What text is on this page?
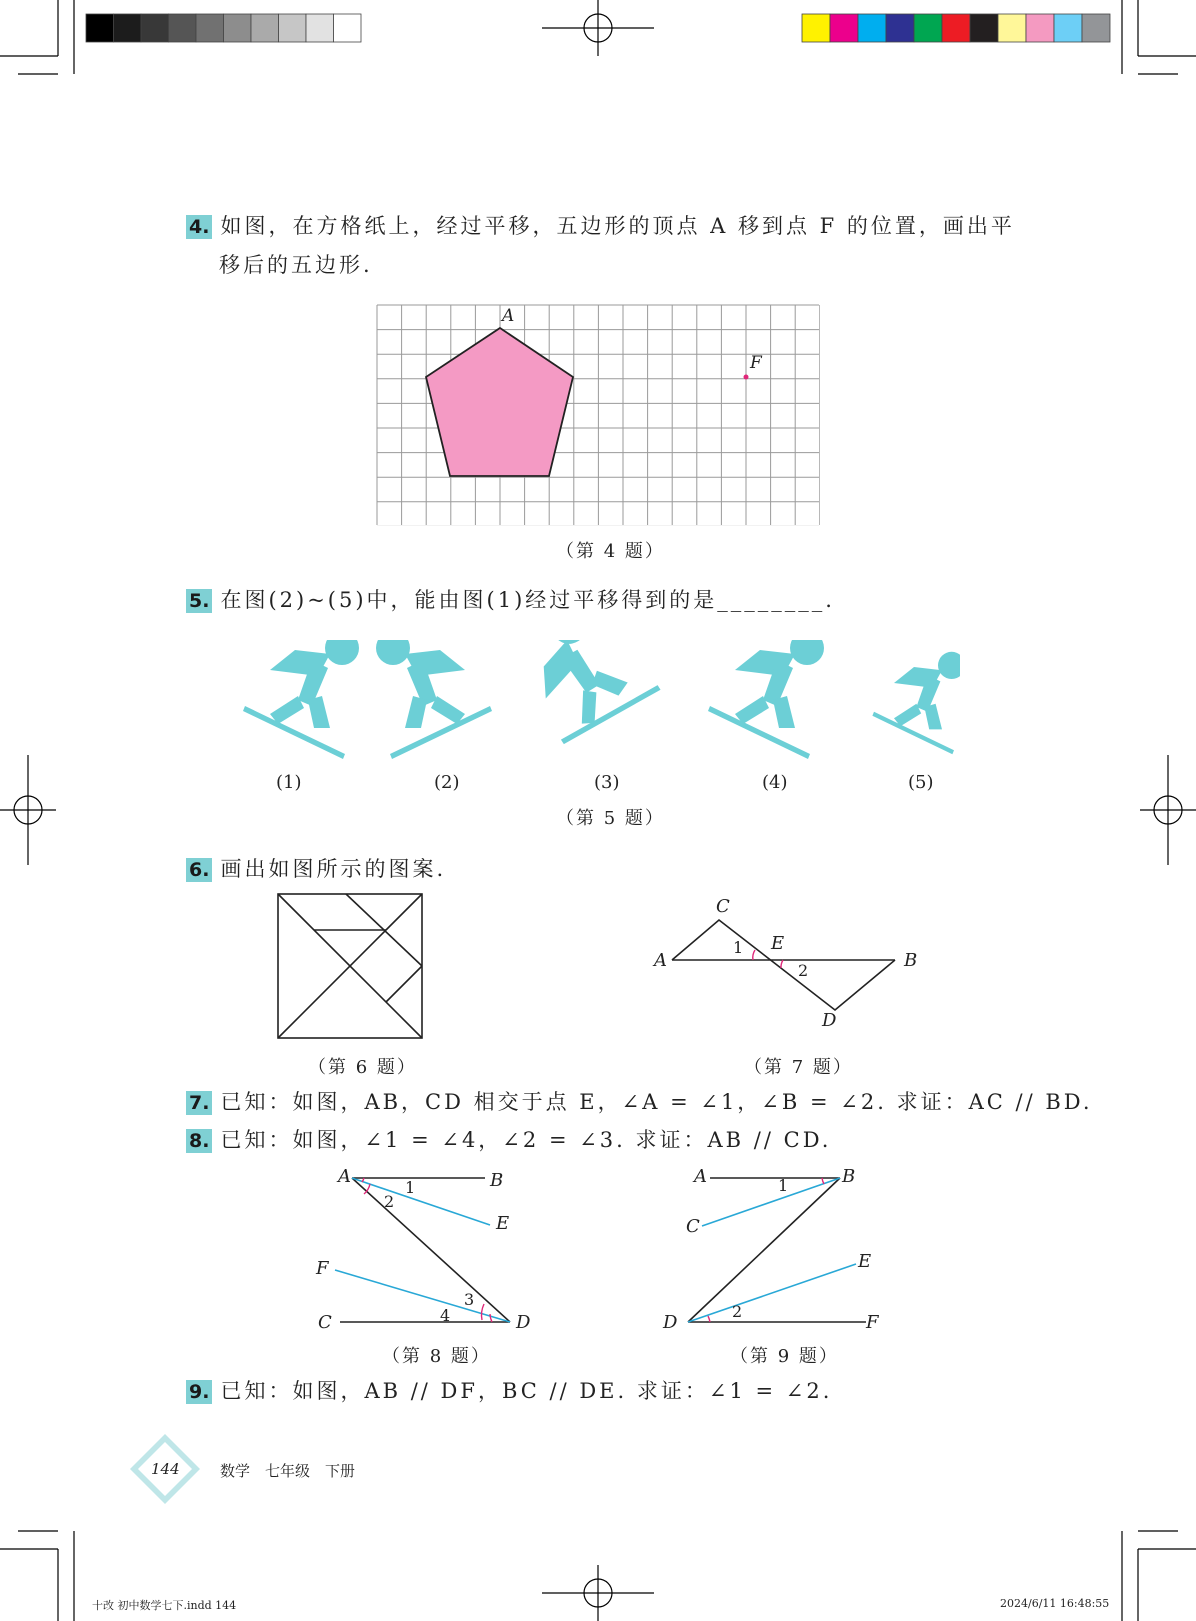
十改 初中数学七下.indd 144	2024/6/11 16:48:55
4. 如图，在方格纸上，经过平移，五边形的顶点 A 移到点 F 的位置，画出平
移后的五边形.
A
F
（第 4 题）
5. 在图(2)~(5)中，能由图(1)经过平移得到的是________.
(1)	(2)	(3)	(4)	(5)
（第 5 题）
6. 画出如图所示的图案.
（第 6 题）
C
A	B
D
E
1
2
（第 7 题）
7. 已知：如图，AB，CD 相交于点 E，∠A = ∠1，∠B = ∠2. 求证：AC // BD.
8. 已知：如图，∠1 = ∠4，∠2 = ∠3. 求证：AB // CD.
A	B
E
F
C	D
1
2
3
4
（第 8 题）
A	B
C
E
D	F
1
2
（第 9 题）
9. 已知：如图，AB // DF，BC // DE. 求证：∠1 = ∠2.
144	数学　七年级　下册
